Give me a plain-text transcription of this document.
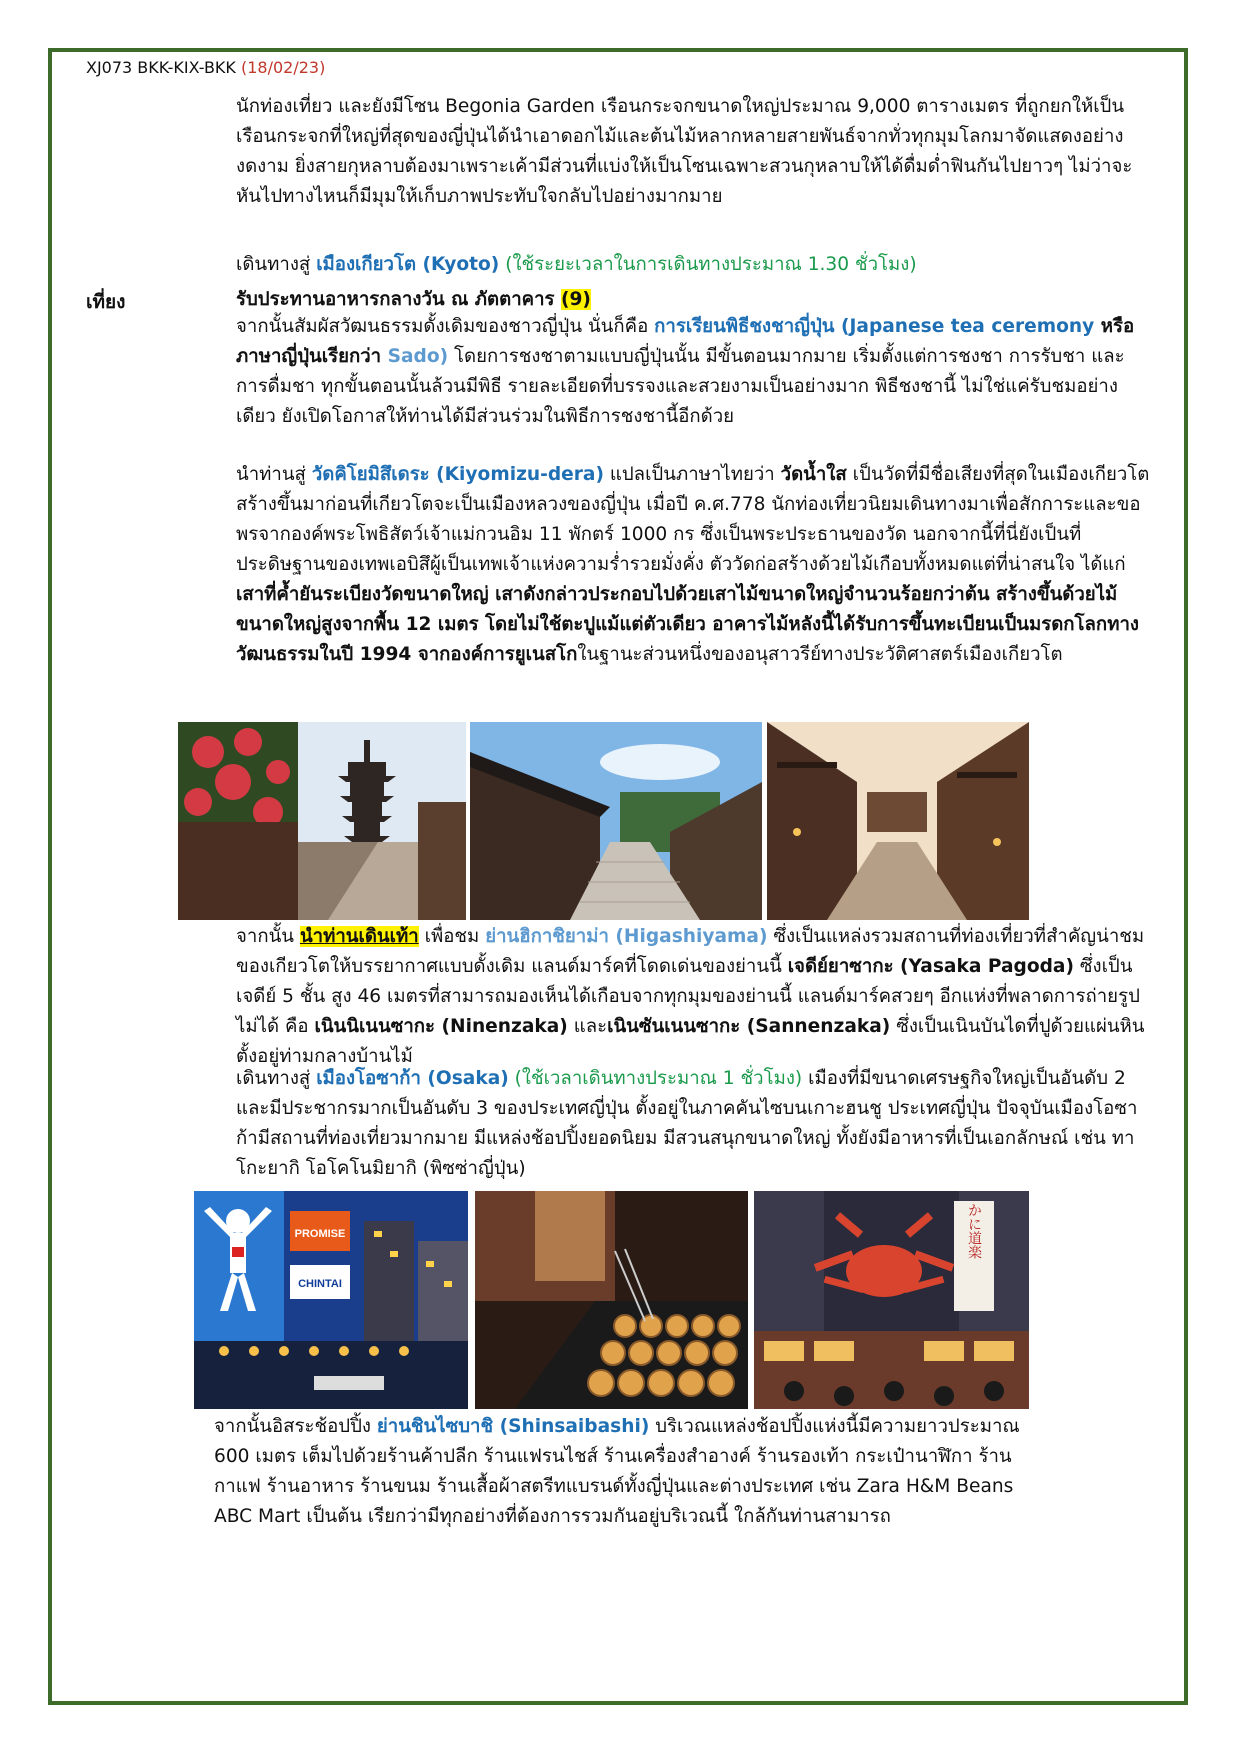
XJ073 BKK-KIX-BKK (18/02/23)

นักท่องเที่ยว และยังมีโซน Begonia Garden เรือนกระจกขนาดใหญ่ประมาณ 9,000 ตารางเมตร ที่ถูกยกให้เป็นเรือนกระจกที่ใหญ่ที่สุดของญี่ปุ่นได้นำเอาดอกไม้และต้นไม้หลากหลายสายพันธ์จากทั่วทุกมุมโลกมาจัดแสดงอย่างงดงาม ยิ่งสายกุหลาบต้องมาเพราะเค้ามีส่วนที่แบ่งให้เป็นโซนเฉพาะสวนกุหลาบให้ได้ดื่มด่ำฟินกันไปยาวๆ ไม่ว่าจะหันไปทางไหนก็มีมุมให้เก็บภาพประทับใจกลับไปอย่างมากมาย

เดินทางสู่ เมืองเกียวโต (Kyoto) (ใช้ระยะเวลาในการเดินทางประมาณ 1.30 ชั่วโมง)

เที่ยง	รับประทานอาหารกลางวัน ณ ภัตตาคาร (9)

จากนั้นสัมผัสวัฒนธรรมดั้งเดิมของชาวญี่ปุ่น นั่นก็คือ การเรียนพิธีชงชาญี่ปุ่น (Japanese tea ceremony หรือภาษาญี่ปุ่นเรียกว่า Sado) โดยการชงชาตามแบบญี่ปุ่นนั้น มีขั้นตอนมากมาย เริ่มตั้งแต่การชงชา การรับชา และการดื่มชา ทุกขั้นตอนนั้นล้วนมีพิธี รายละเอียดที่บรรจงและสวยงามเป็นอย่างมาก พิธีชงชานี้ ไม่ใช่แค่รับชมอย่างเดียว ยังเปิดโอกาสให้ท่านได้มีส่วนร่วมในพิธีการชงชานี้อีกด้วย

นำท่านสู่ วัดคิโยมิสึเดระ (Kiyomizu-dera) แปลเป็นภาษาไทยว่า วัดน้ำใส เป็นวัดที่มีชื่อเสียงที่สุดในเมืองเกียวโต สร้างขึ้นมาก่อนที่เกียวโตจะเป็นเมืองหลวงของญี่ปุ่น เมื่อปี ค.ศ.778 นักท่องเที่ยวนิยมเดินทางมาเพื่อสักการะและขอพรจากองค์พระโพธิสัตว์เจ้าแม่กวนอิม 11 พักตร์ 1000 กร ซึ่งเป็นพระประธานของวัด นอกจากนี้ที่นี่ยังเป็นที่ประดิษฐานของเทพเอบิสึผู้เป็นเทพเจ้าแห่งความร่ำรวยมั่งคั่ง ตัววัดก่อสร้างด้วยไม้เกือบทั้งหมดแต่ที่น่าสนใจ ได้แก่ เสาที่ค้ำยันระเบียงวัดขนาดใหญ่ เสาดังกล่าวประกอบไปด้วยเสาไม้ขนาดใหญ่จำนวนร้อยกว่าต้น สร้างขึ้นด้วยไม้ขนาดใหญ่สูงจากพื้น 12 เมตร โดยไม่ใช้ตะปูแม้แต่ตัวเดียว อาคารไม้หลังนี้ได้รับการขึ้นทะเบียนเป็นมรดกโลกทางวัฒนธรรมในปี 1994 จากองค์การยูเนสโกในฐานะส่วนหนึ่งของอนุสาวรีย์ทางประวัติศาสตร์เมืองเกียวโต

จากนั้น นำท่านเดินเท้า เพื่อชม ย่านฮิกาชิยาม่า (Higashiyama) ซึ่งเป็นแหล่งรวมสถานที่ท่องเที่ยวที่สำคัญน่าชมของเกียวโตให้บรรยากาศแบบดั้งเดิม แลนด์มาร์คที่โดดเด่นของย่านนี้ เจดีย์ยาซากะ (Yasaka Pagoda) ซึ่งเป็นเจดีย์ 5 ชั้น สูง 46 เมตรที่สามารถมองเห็นได้เกือบจากทุกมุมของย่านนี้ แลนด์มาร์คสวยๆ อีกแห่งที่พลาดการถ่ายรูปไม่ได้ คือ เนินนิเนนซากะ (Ninenzaka) และเนินซันเนนซากะ (Sannenzaka) ซึ่งเป็นเนินบันไดที่ปูด้วยแผ่นหินตั้งอยู่ท่ามกลางบ้านไม้

เดินทางสู่ เมืองโอซาก้า (Osaka) (ใช้เวลาเดินทางประมาณ 1 ชั่วโมง) เมืองที่มีขนาดเศรษฐกิจใหญ่เป็นอันดับ 2 และมีประชากรมากเป็นอันดับ 3 ของประเทศญี่ปุ่น ตั้งอยู่ในภาคคันไซบนเกาะฮนชู ประเทศญี่ปุ่น ปัจจุบันเมืองโอซาก้ามีสถานที่ท่องเที่ยวมากมาย มีแหล่งช้อปปิ้งยอดนิยม มีสวนสนุกขนาดใหญ่ ทั้งยังมีอาหารที่เป็นเอกลักษณ์ เช่น ทาโกะยากิ โอโคโนมิยากิ (พิซซ่าญี่ปุ่น)

PROMISE
CHINTAI
かに道楽

จากนั้นอิสระช้อปปิ้ง ย่านชินไซบาชิ (Shinsaibashi) บริเวณแหล่งช้อปปิ้งแห่งนี้มีความยาวประมาณ 600 เมตร เต็มไปด้วยร้านค้าปลีก ร้านแฟรนไชส์ ร้านเครื่องสำอางค์ ร้านรองเท้า กระเป๋านาฬิกา ร้านกาแฟ ร้านอาหาร ร้านขนม ร้านเสื้อผ้าสตรีทแบรนด์ทั้งญี่ปุ่นและต่างประเทศ เช่น Zara H&M Beans ABC Mart เป็นต้น เรียกว่ามีทุกอย่างที่ต้องการรวมกันอยู่บริเวณนี้ ใกล้กันท่านสามารถ
